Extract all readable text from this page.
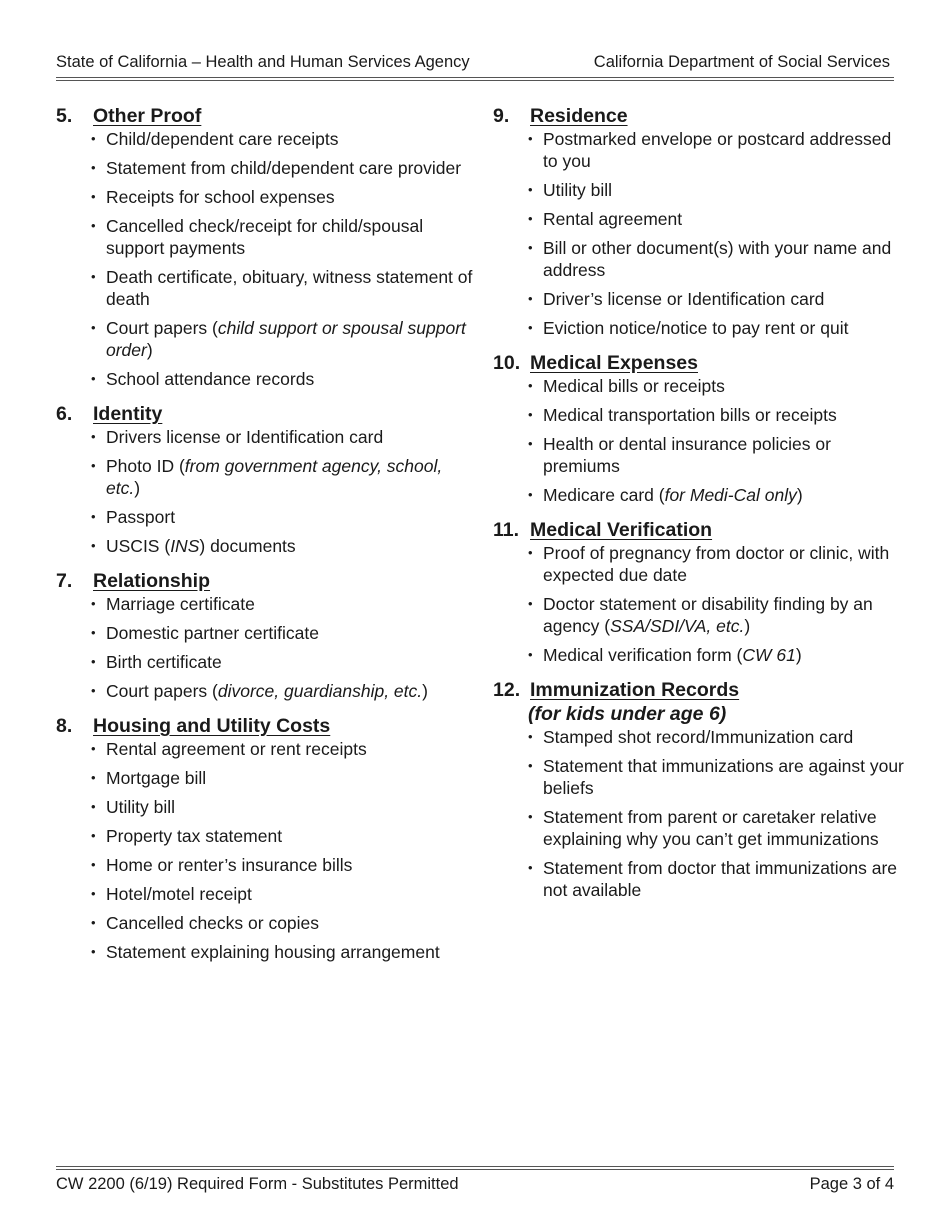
State of California – Health and Human Services Agency	California Department of Social Services
5.	Other Proof
• Child/dependent care receipts
• Statement from child/dependent care provider
• Receipts for school expenses
• Cancelled check/receipt for child/spousal support payments
• Death certificate, obituary, witness statement of death
• Court papers (child support or spousal support order)
• School attendance records
6.	Identity
• Drivers license or Identification card
• Photo ID (from government agency, school, etc.)
• Passport
• USCIS (INS) documents
7.	Relationship
• Marriage certificate
• Domestic partner certificate
• Birth certificate
• Court papers (divorce, guardianship, etc.)
8.	Housing and Utility Costs
• Rental agreement or rent receipts
• Mortgage bill
• Utility bill
• Property tax statement
• Home or renter’s insurance bills
• Hotel/motel receipt
• Cancelled checks or copies
• Statement explaining housing arrangement
9.	Residence
• Postmarked envelope or postcard addressed to you
• Utility bill
• Rental agreement
• Bill or other document(s) with your name and address
• Driver’s license or Identification card
• Eviction notice/notice to pay rent or quit
10. Medical Expenses
• Medical bills or receipts
• Medical transportation bills or receipts
• Health or dental insurance policies or premiums
• Medicare card (for Medi-Cal only)
11. Medical Verification
• Proof of pregnancy from doctor or clinic, with expected due date
• Doctor statement or disability finding by an agency (SSA/SDI/VA, etc.)
• Medical verification form (CW 61)
12. Immunization Records
(for kids under age 6)
• Stamped shot record/Immunization card
• Statement that immunizations are against your beliefs
• Statement from parent or caretaker relative explaining why you can’t get immunizations
• Statement from doctor that immunizations are not available
CW 2200 (6/19) Required Form - Substitutes Permitted	Page 3 of 4
